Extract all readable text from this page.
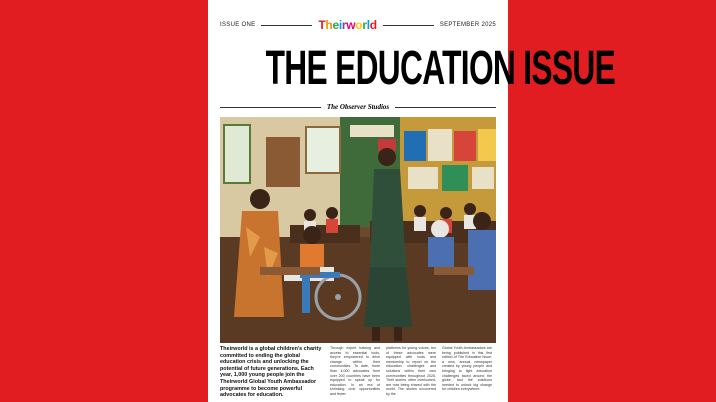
ISSUE ONE	Theirworld	SEPTEMBER 2025
THE EDUCATION ISSUE
The Observer Studios
Theirworld is a global children's charity committed to ending the global education crisis and unlocking the potential of future generations. Each year, 1,000 young people join the Theirworld Global Youth Ambassador programme to become powerful advocates for education.
Through expert training and access to essential tools, they're empowered to drive change within their communities. To date, more than 4,000 advocates from over 200 countries have been equipped to speak up for education. In an era of shrinking civic opportunities and fewer
platforms for young voices, ten of these advocates were equipped with tools and mentorship to report on the education challenges and solutions within their own communities throughout 2025. Their stories, often overlooked, are now being shared with the world. The stories uncovered by the
Global Youth Ambassadors are being published in this first edition of The Education Issue: a new, annual newspaper created by young people and bringing to light education challenges faced around the globe, and the solutions needed to unlock big change for children everywhere.
